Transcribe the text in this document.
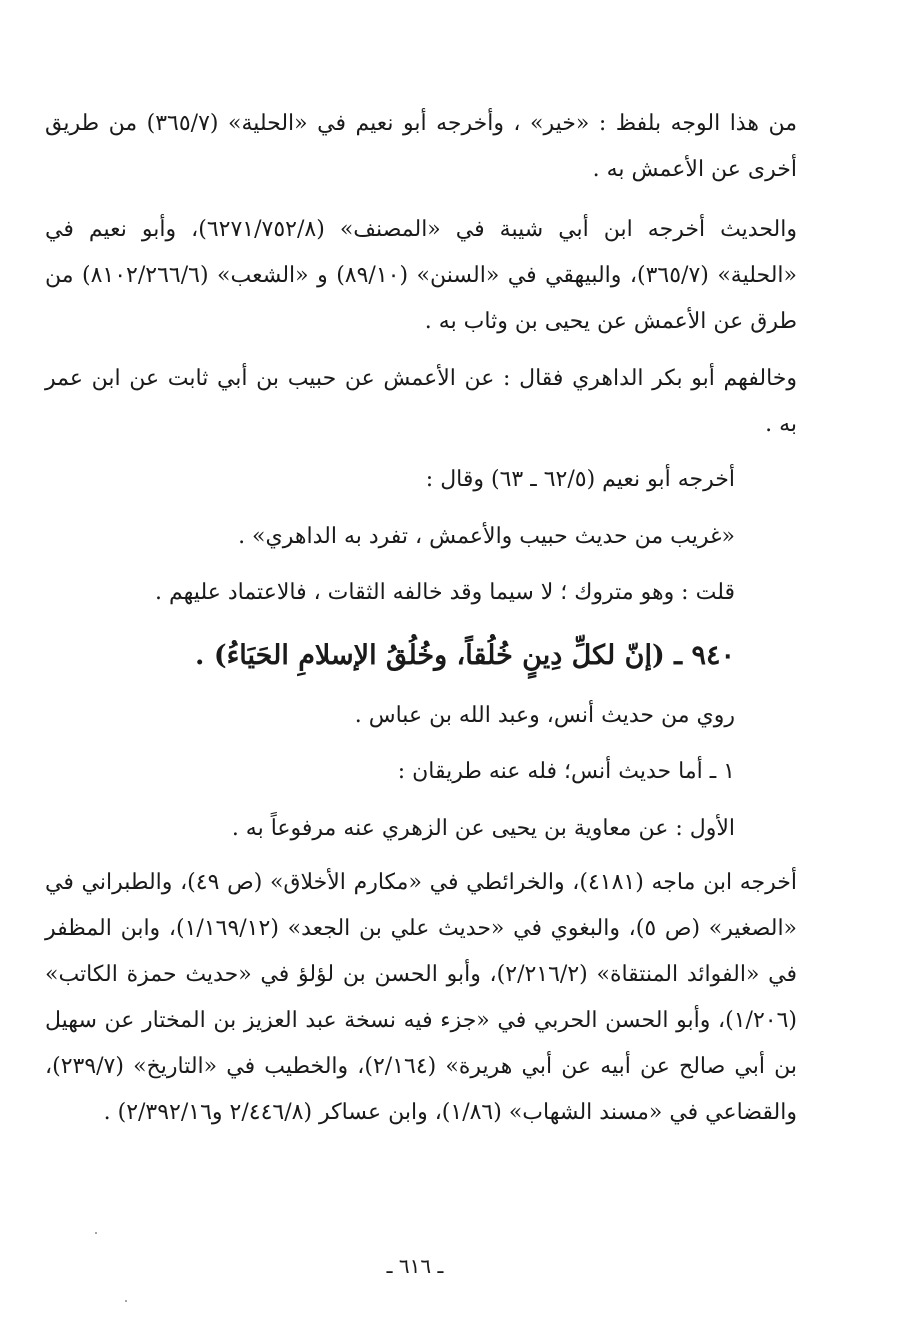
من هذا الوجه بلفظ : «خير» ، وأخرجه أبو نعيم في «الحلية» (٣٦٥/٧) من طريق أخرى عن الأعمش به .
والحديث أخرجه ابن أبي شيبة في «المصنف» (٦٢٧١/٧٥٢/٨)، وأبو نعيم في «الحلية» (٣٦٥/٧)، والبيهقي في «السنن» (٨٩/١٠) و «الشعب» (٨١٠٢/٢٦٦/٦) من طرق عن الأعمش عن يحيى بن وثاب به .
وخالفهم أبو بكر الداهري فقال : عن الأعمش عن حبيب بن أبي ثابت عن ابن عمر به .
أخرجه أبو نعيم (٦٢/٥ ـ ٦٣) وقال :
«غريب من حديث حبيب والأعمش ، تفرد به الداهري» .
قلت : وهو متروك ؛ لا سيما وقد خالفه الثقات ، فالاعتماد عليهم .
٩٤٠ ـ (إنّ لكلِّ دِينٍ خُلُقاً، وخُلُقُ الإسلامِ الحَيَاءُ) .
روي من حديث أنس، وعبد الله بن عباس .
١ ـ أما حديث أنس؛ فله عنه طريقان :
الأول : عن معاوية بن يحيى عن الزهري عنه مرفوعاً به .
أخرجه ابن ماجه (٤١٨١)، والخرائطي في «مكارم الأخلاق» (ص ٤٩)، والطبراني في «الصغير» (ص ٥)، والبغوي في «حديث علي بن الجعد» (١/١٦٩/١٢)، وابن المظفر في «الفوائد المنتقاة» (٢/٢١٦/٢)، وأبو الحسن بن لؤلؤ في «حديث حمزة الكاتب» (١/٢٠٦)، وأبو الحسن الحربي في «جزء فيه نسخة عبد العزيز بن المختار عن سهيل بن أبي صالح عن أبيه عن أبي هريرة» (٢/١٦٤)، والخطيب في «التاريخ» (٢٣٩/٧)، والقضاعي في «مسند الشهاب» (١/٨٦)، وابن عساكر (٢/٤٤٦/٨ و٢/٣٩٢/١٦) .
ـ ٦١٦ ـ
